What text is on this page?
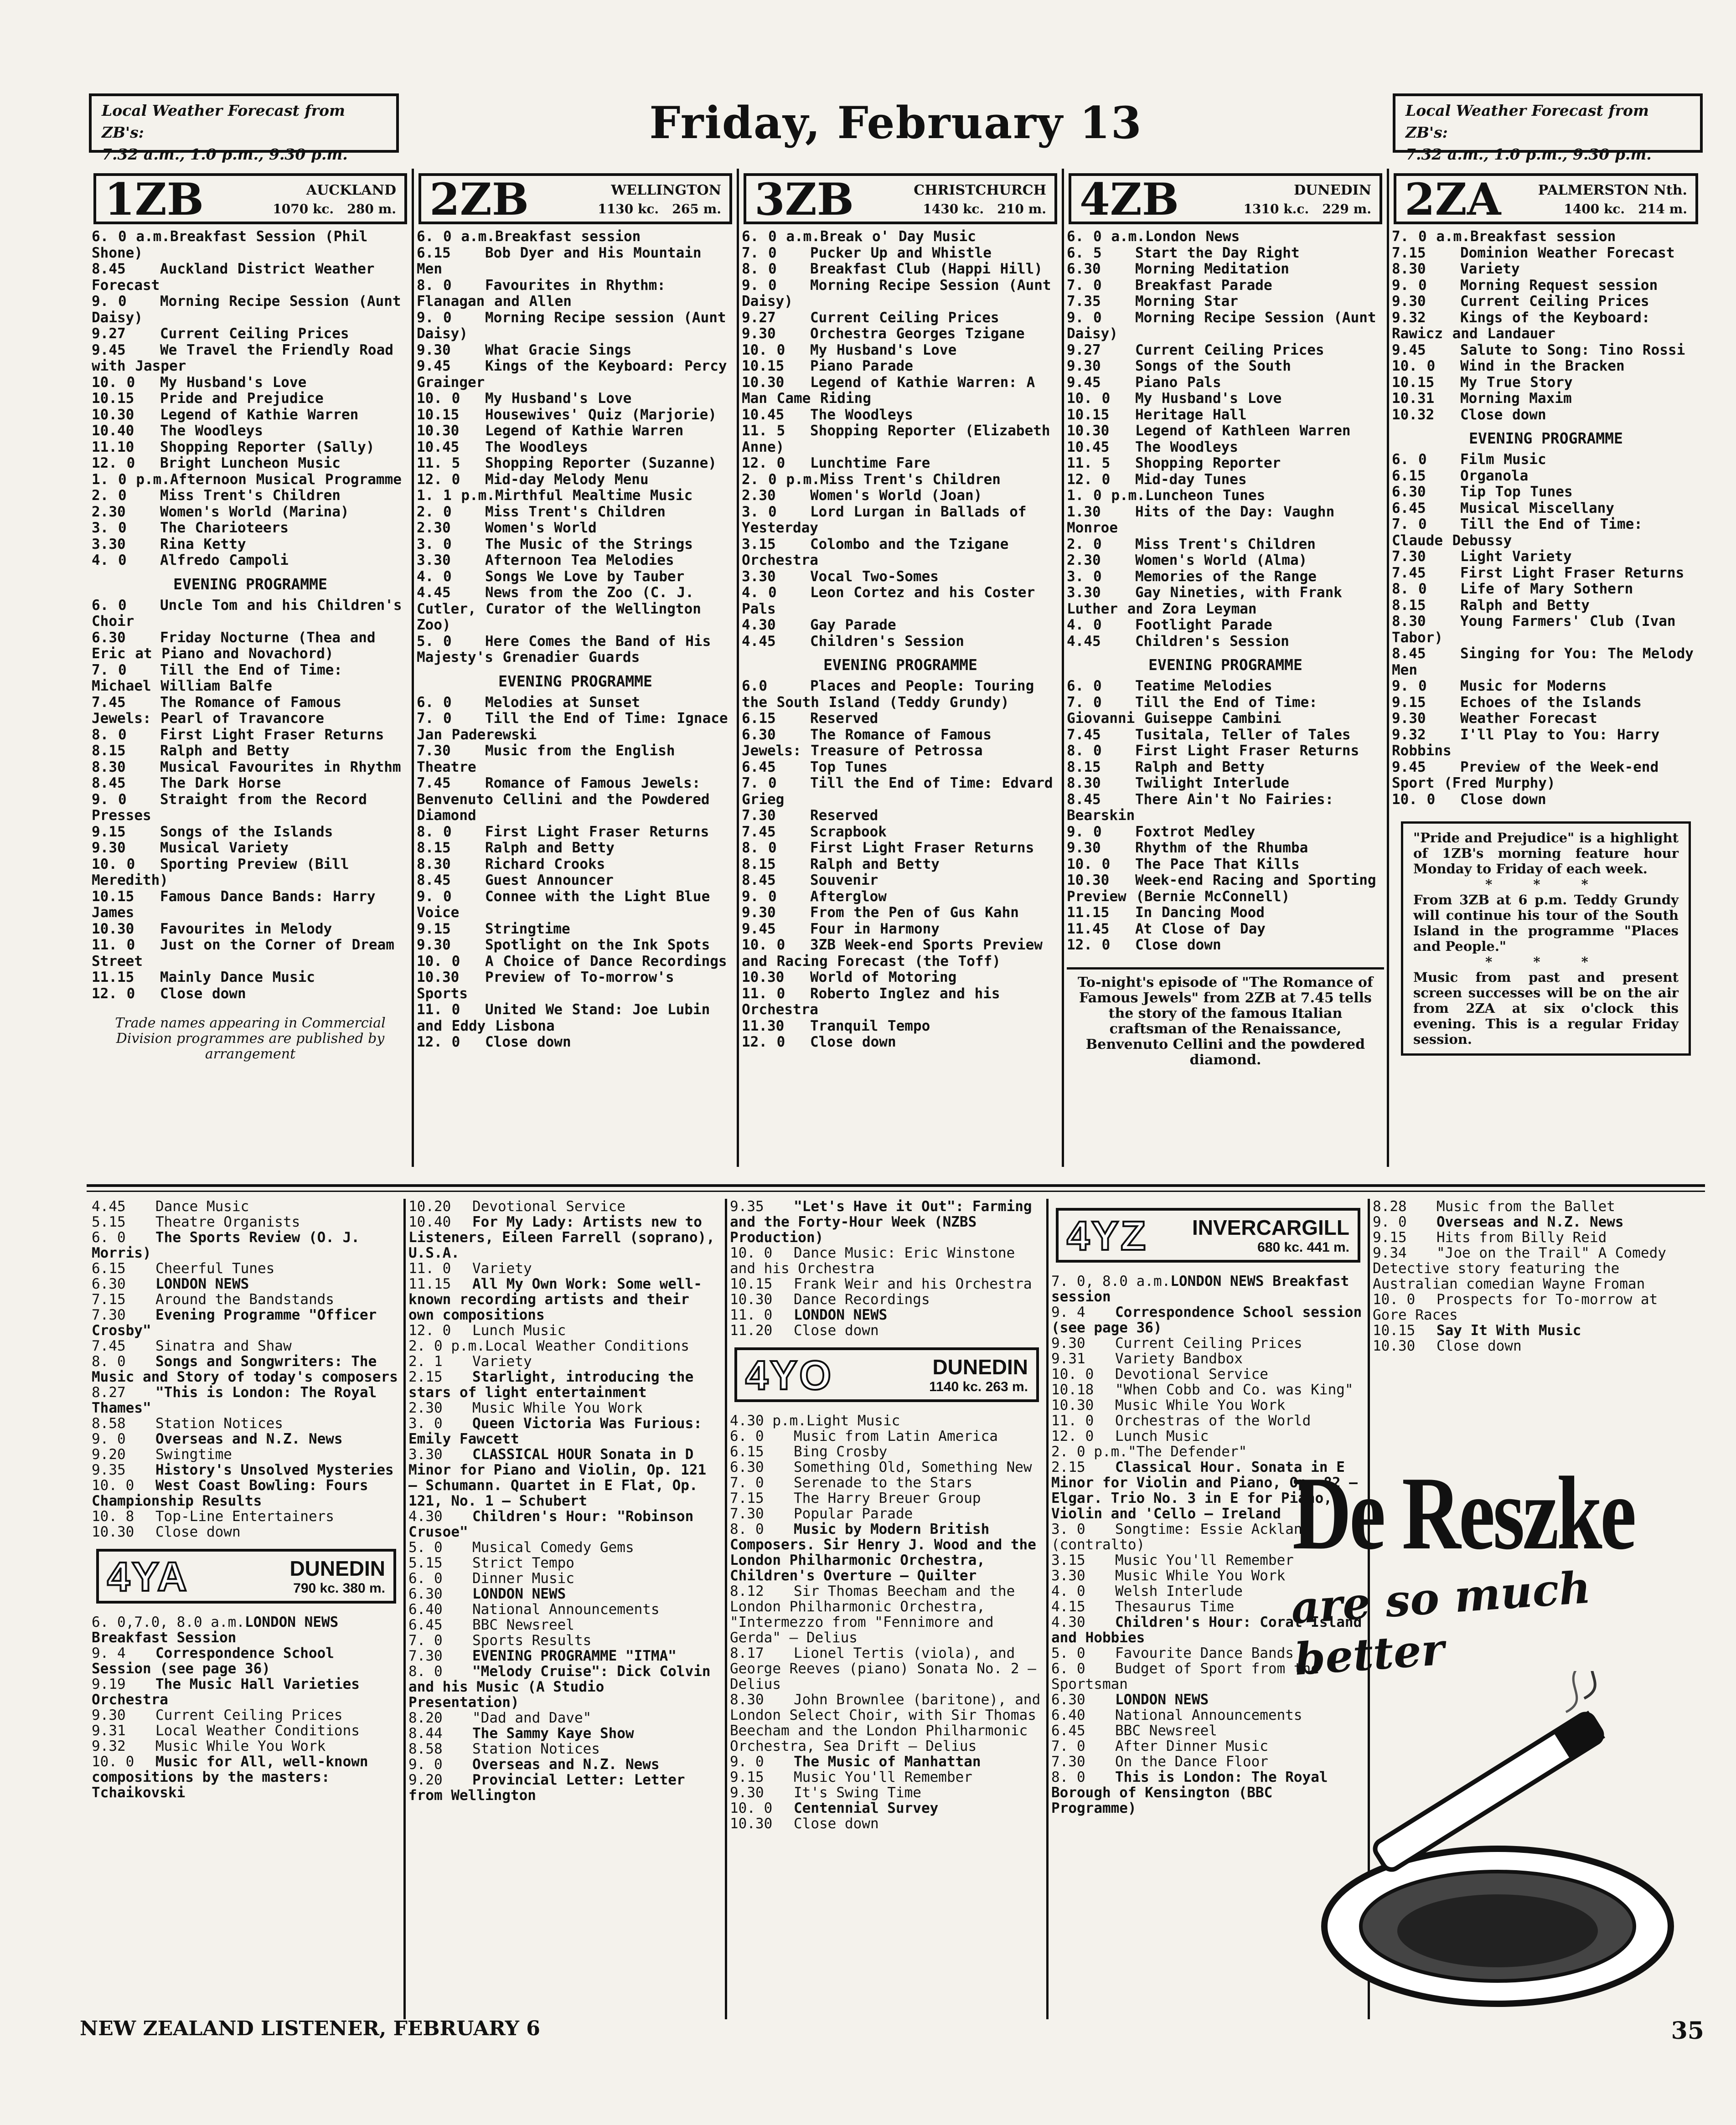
Local Weather Forecast from ZB's:
7.32 a.m., 1.0 p.m., 9.30 p.m.
Friday, February 13	Local Weather Forecast from ZB's:
7.32 a.m., 1.0 p.m., 9.30 p.m.
1ZB	AUCKLAND
1070 kc.   280 m.
6. 0 a.m.Breakfast Session (Phil Shone)
8.45 Auckland District Weather Forecast
9. 0 Morning Recipe Session (Aunt Daisy)
9.27 Current Ceiling Prices
9.45 We Travel the Friendly Road with Jasper
10. 0 My Husband's Love
10.15 Pride and Prejudice
10.30 Legend of Kathie Warren
10.40 The Woodleys
11.10 Shopping Reporter (Sally)
12. 0 Bright Luncheon Music
1. 0 p.m.Afternoon Musical Programme
2. 0 Miss Trent's Children
2.30 Women's World (Marina)
3. 0 The Charioteers
3.30 Rina Ketty
4. 0 Alfredo Campoli
EVENING PROGRAMME
6. 0 Uncle Tom and his Children's Choir
6.30 Friday Nocturne (Thea and Eric at Piano and Novachord)
7. 0 Till the End of Time: Michael William Balfe
7.45 The Romance of Famous Jewels: Pearl of Travancore
8. 0 First Light Fraser Returns
8.15 Ralph and Betty
8.30 Musical Favourites in Rhythm
8.45 The Dark Horse
9. 0 Straight from the Record Presses
9.15 Songs of the Islands
9.30 Musical Variety
10. 0 Sporting Preview (Bill Meredith)
10.15 Famous Dance Bands: Harry James
10.30 Favourites in Melody
11. 0 Just on the Corner of Dream Street
11.15 Mainly Dance Music
12. 0 Close down
Trade names appearing in Commercial Division programmes are published by arrangement
2ZB	WELLINGTON
1130 kc.   265 m.
6. 0 a.m.Breakfast session
6.15 Bob Dyer and His Mountain Men
8. 0 Favourites in Rhythm: Flanagan and Allen
9. 0 Morning Recipe session (Aunt Daisy)
9.30 What Gracie Sings
9.45 Kings of the Keyboard: Percy Grainger
10. 0 My Husband's Love
10.15 Housewives' Quiz (Marjorie)
10.30 Legend of Kathie Warren
10.45 The Woodleys
11. 5 Shopping Reporter (Suzanne)
12. 0 Mid-day Melody Menu
1. 1 p.m.Mirthful Mealtime Music
2. 0 Miss Trent's Children
2.30 Women's World
3. 0 The Music of the Strings
3.30 Afternoon Tea Melodies
4. 0 Songs We Love by Tauber
4.45 News from the Zoo (C. J. Cutler, Curator of the Wellington Zoo)
5. 0 Here Comes the Band of His Majesty's Grenadier Guards
EVENING PROGRAMME
6. 0 Melodies at Sunset
7. 0 Till the End of Time: Ignace Jan Paderewski
7.30 Music from the English Theatre
7.45 Romance of Famous Jewels: Benvenuto Cellini and the Powdered Diamond
8. 0 First Light Fraser Returns
8.15 Ralph and Betty
8.30 Richard Crooks
8.45 Guest Announcer
9. 0 Connee with the Light Blue Voice
9.15 Stringtime
9.30 Spotlight on the Ink Spots
10. 0 A Choice of Dance Recordings
10.30 Preview of To-morrow's Sports
11. 0 United We Stand: Joe Lubin and Eddy Lisbona
12. 0 Close down
3ZB	CHRISTCHURCH
1430 kc.   210 m.
6. 0 a.m.Break o' Day Music
7. 0 Pucker Up and Whistle
8. 0 Breakfast Club (Happi Hill)
9. 0 Morning Recipe Session (Aunt Daisy)
9.27 Current Ceiling Prices
9.30 Orchestra Georges Tzigane
10. 0 My Husband's Love
10.15 Piano Parade
10.30 Legend of Kathie Warren: A Man Came Riding
10.45 The Woodleys
11. 5 Shopping Reporter (Elizabeth Anne)
12. 0 Lunchtime Fare
2. 0 p.m.Miss Trent's Children
2.30 Women's World (Joan)
3. 0 Lord Lurgan in Ballads of Yesterday
3.15 Colombo and the Tzigane Orchestra
3.30 Vocal Two-Somes
4. 0 Leon Cortez and his Coster Pals
4.30 Gay Parade
4.45 Children's Session
EVENING PROGRAMME
6.0	Places and People: Touring the South Island (Teddy Grundy)
6.15 Reserved
6.30 The Romance of Famous Jewels: Treasure of Petrossa
6.45 Top Tunes
7. 0 Till the End of Time: Edvard Grieg
7.30 Reserved
7.45 Scrapbook
8. 0 First Light Fraser Returns
8.15 Ralph and Betty
8.45 Souvenir
9. 0 Afterglow
9.30 From the Pen of Gus Kahn
9.45 Four in Harmony
10. 0 3ZB Week-end Sports Preview and Racing Forecast (the Toff)
10.30 World of Motoring
11. 0 Roberto Inglez and his Orchestra
11.30 Tranquil Tempo
12. 0 Close down
4ZB	DUNEDIN
1310 k.c.   229 m.
6. 0 a.m.London News
6. 5 Start the Day Right
6.30 Morning Meditation
7. 0 Breakfast Parade
7.35 Morning Star
9. 0 Morning Recipe Session (Aunt Daisy)
9.27 Current Ceiling Prices
9.30 Songs of the South
9.45 Piano Pals
10. 0 My Husband's Love
10.15 Heritage Hall
10.30 Legend of Kathleen Warren
10.45 The Woodleys
11. 5 Shopping Reporter
12. 0 Mid-day Tunes
1. 0 p.m.Luncheon Tunes
1.30 Hits of the Day: Vaughn Monroe
2. 0 Miss Trent's Children
2.30 Women's World (Alma)
3. 0 Memories of the Range
3.30 Gay Nineties, with Frank Luther and Zora Leyman
4. 0 Footlight Parade
4.45 Children's Session
EVENING PROGRAMME
6. 0 Teatime Melodies
7. 0 Till the End of Time: Giovanni Guiseppe Cambini
7.45 Tusitala, Teller of Tales
8. 0 First Light Fraser Returns
8.15 Ralph and Betty
8.30 Twilight Interlude
8.45 There Ain't No Fairies: Bearskin
9. 0 Foxtrot Medley
9.30 Rhythm of the Rhumba
10. 0 The Pace That Kills
10.30 Week-end Racing and Sporting Preview (Bernie McConnell)
11.15 In Dancing Mood
11.45 At Close of Day
12. 0 Close down
To-night's episode of "The Romance of Famous Jewels" from 2ZB at 7.45 tells the story of the famous Italian craftsman of the Renaissance, Benvenuto Cellini and the powdered diamond.
2ZA	PALMERSTON Nth.
1400 kc.   214 m.
7. 0 a.m.Breakfast session
7.15 Dominion Weather Forecast
8.30 Variety
9. 0 Morning Request session
9.30 Current Ceiling Prices
9.32 Kings of the Keyboard: Rawicz and Landauer
9.45 Salute to Song: Tino Rossi
10. 0 Wind in the Bracken
10.15 My True Story
10.31 Morning Maxim
10.32 Close down
EVENING PROGRAMME
6. 0 Film Music
6.15 Organola
6.30 Tip Top Tunes
6.45 Musical Miscellany
7. 0 Till the End of Time: Claude Debussy
7.30 Light Variety
7.45 First Light Fraser Returns
8. 0 Life of Mary Sothern
8.15 Ralph and Betty
8.30 Young Farmers' Club (Ivan Tabor)
8.45 Singing for You: The Melody Men
9. 0 Music for Moderns
9.15 Echoes of the Islands
9.30 Weather Forecast
9.32 I'll Play to You: Harry Robbins
9.45 Preview of the Week-end Sport (Fred Murphy)
10. 0 Close down
"Pride and Prejudice" is a highlight of 1ZB's morning feature hour Monday to Friday of each week.
* * *
From 3ZB at 6 p.m. Teddy Grundy will continue his tour of the South Island in the programme "Places and People."
* * *
Music from past and present screen successes will be on the air from 2ZA at six o'clock this evening. This is a regular Friday session.
4.45 Dance Music
5.15 Theatre Organists
6. 0 The Sports Review (O. J. Morris)
6.15 Cheerful Tunes
6.30 LONDON NEWS
7.15 Around the Bandstands
7.30 Evening Programme "Officer Crosby"
7.45 Sinatra and Shaw
8. 0 Songs and Songwriters: The Music and Story of today's composers
8.27 "This is London: The Royal Thames"
8.58 Station Notices
9. 0 Overseas and N.Z. News
9.20 Swingtime
9.35 History's Unsolved Mysteries
10. 0 West Coast Bowling: Fours Championship Results
10. 8 Top-Line Entertainers
10.30 Close down
4YA	DUNEDIN
790 kc. 380 m.
6. 0,7.0, 8.0 a.m.LONDON NEWS Breakfast Session
9. 4 Correspondence School Session (see page 36)
9.19 The Music Hall Varieties Orchestra
9.30 Current Ceiling Prices
9.31 Local Weather Conditions
9.32 Music While You Work
10. 0 Music for All, well-known compositions by the masters: Tchaikovski
10.20 Devotional Service
10.40 For My Lady: Artists new to Listeners, Eileen Farrell (soprano), U.S.A.
11. 0 Variety
11.15 All My Own Work: Some well-known recording artists and their own compositions
12. 0 Lunch Music
2. 0 p.m.Local Weather Conditions
2. 1 Variety
2.15 Starlight, introducing the stars of light entertainment
2.30 Music While You Work
3. 0 Queen Victoria Was Furious: Emily Fawcett
3.30 CLASSICAL HOUR Sonata in D Minor for Piano and Violin, Op. 121 — Schumann. Quartet in E Flat, Op. 121, No. 1 — Schubert
4.30 Children's Hour: "Robinson Crusoe"
5. 0 Musical Comedy Gems
5.15 Strict Tempo
6. 0 Dinner Music
6.30 LONDON NEWS
6.40 National Announcements
6.45 BBC Newsreel
7. 0 Sports Results
7.30 EVENING PROGRAMME "ITMA"
8. 0 "Melody Cruise": Dick Colvin and his Music (A Studio Presentation)
8.20 "Dad and Dave"
8.44 The Sammy Kaye Show
8.58 Station Notices
9. 0 Overseas and N.Z. News
9.20 Provincial Letter: Letter from Wellington
9.35 "Let's Have it Out": Farming and the Forty-Hour Week (NZBS Production)
10. 0 Dance Music: Eric Winstone and his Orchestra
10.15 Frank Weir and his Orchestra
10.30 Dance Recordings
11. 0 LONDON NEWS
11.20 Close down
4YO	DUNEDIN
1140 kc. 263 m.
4.30 p.m.Light Music
6. 0 Music from Latin America
6.15 Bing Crosby
6.30 Something Old, Something New
7. 0 Serenade to the Stars
7.15 The Harry Breuer Group
7.30 Popular Parade
8. 0 Music by Modern British Composers. Sir Henry J. Wood and the London Philharmonic Orchestra, Children's Overture — Quilter
8.12 Sir Thomas Beecham and the London Philharmonic Orchestra, "Intermezzo from "Fennimore and Gerda" — Delius
8.17 Lionel Tertis (viola), and George Reeves (piano) Sonata No. 2 — Delius
8.30 John Brownlee (baritone), and London Select Choir, with Sir Thomas Beecham and the London Philharmonic Orchestra, Sea Drift — Delius
9. 0 The Music of Manhattan
9.15 Music You'll Remember
9.30 It's Swing Time
10. 0 Centennial Survey
10.30 Close down
4YZ INVERCARGILL
680 kc. 441 m.
7. 0, 8.0 a.m.LONDON NEWS Breakfast session
9. 4 Correspondence School session (see page 36)
9.30 Current Ceiling Prices
9.31 Variety Bandbox
10. 0 Devotional Service
10.18 "When Cobb and Co. was King"
10.30 Music While You Work
11. 0 Orchestras of the World
12. 0 Lunch Music
2. 0 p.m."The Defender"
2.15 Classical Hour. Sonata in E Minor for Violin and Piano, Op. 82 — Elgar. Trio No. 3 in E for Piano, Violin and 'Cello — Ireland
3. 0 Songtime: Essie Ackland (contralto)
3.15 Music You'll Remember
3.30 Music While You Work
4. 0 Welsh Interlude
4.15 Thesaurus Time
4.30 Children's Hour: Coral Island and Hobbies
5. 0 Favourite Dance Bands
6. 0 Budget of Sport from the Sportsman
6.30 LONDON NEWS
6.40 National Announcements
6.45 BBC Newsreel
7. 0 After Dinner Music
7.30 On the Dance Floor
8. 0 This is London: The Royal Borough of Kensington (BBC Programme)
8.28 Music from the Ballet
9. 0 Overseas and N.Z. News
9.15 Hits from Billy Reid
9.34 "Joe on the Trail" A Comedy Detective story featuring the Australian comedian Wayne Froman
10. 0 Prospects for To-morrow at Gore Races
10.15 Say It With Music
10.30 Close down
De Reszke
are so much better
NEW ZEALAND LISTENER, FEBRUARY 6	35
